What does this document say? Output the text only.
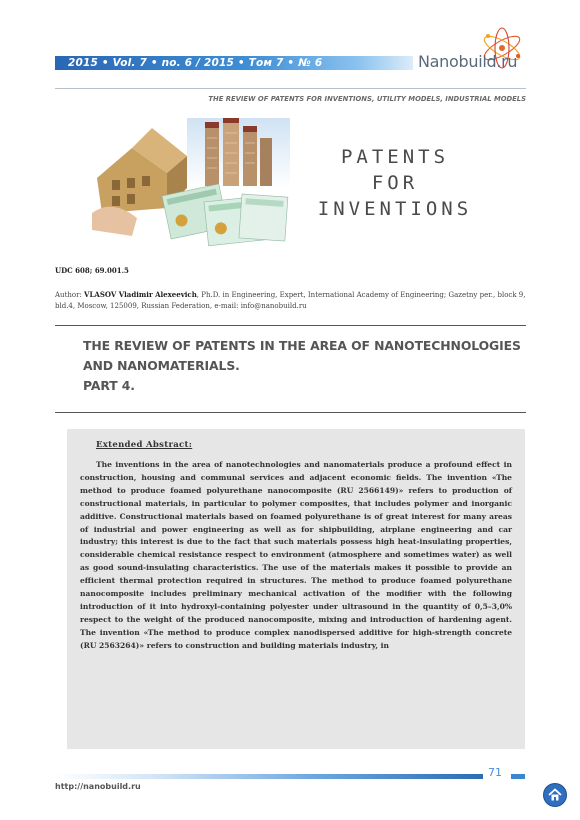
2015 • Vol. 7 • no. 6 / 2015 • Том 7 • № 6	Nanobuild.ru
THE REVIEW OF PATENTS FOR INVENTIONS, UTILITY MODELS, INDUSTRIAL MODELS
PATENTS
FOR
INVENTIONS
UDC 608; 69.001.5
Author: VLASOV Vladimir Alexeevich, Ph.D. in Engineering, Expert, International Academy of Engineering; Gazetny per., block 9, bld.4, Moscow, 125009, Russian Federation, e-mail: info@nanobuild.ru
THE REVIEW OF PATENTS IN THE AREA OF NANOTECHNOLOGIES
AND NANOMATERIALS.
PART 4.
Extended Abstract:
The inventions in the area of nanotechnologies and nanomaterials produce a profound effect in construction, housing and communal services and adjacent economic fields. The invention «The method to produce foamed polyurethane nanocomposite (RU 2566149)» refers to production of constructional materials, in particular to polymer composites, that includes polymer and inorganic additive. Constructional materials based on foamed polyurethane is of great interest for many areas of industrial and power engineering as well as for shipbuilding, airplane engineering and car industry; this interest is due to the fact that such materials possess high heat-insulating properties, considerable chemical resistance respect to environment (atmosphere and sometimes water) as well as good sound-insulating characteristics. The use of the materials makes it possible to provide an efficient thermal protection required in structures. The method to produce foamed polyurethane nanocomposite includes preliminary mechanical activation of the modifier with the following introduction of it into hydroxyl-containing polyester under ultrasound in the quantity of 0,5–3,0% respect to the weight of the produced nanocomposite, mixing and introduction of hardening agent. The invention «The method to produce complex nanodispersed additive for high-strength concrete (RU 2563264)» refers to construction and building materials industry, in
71
http://nanobuild.ru
